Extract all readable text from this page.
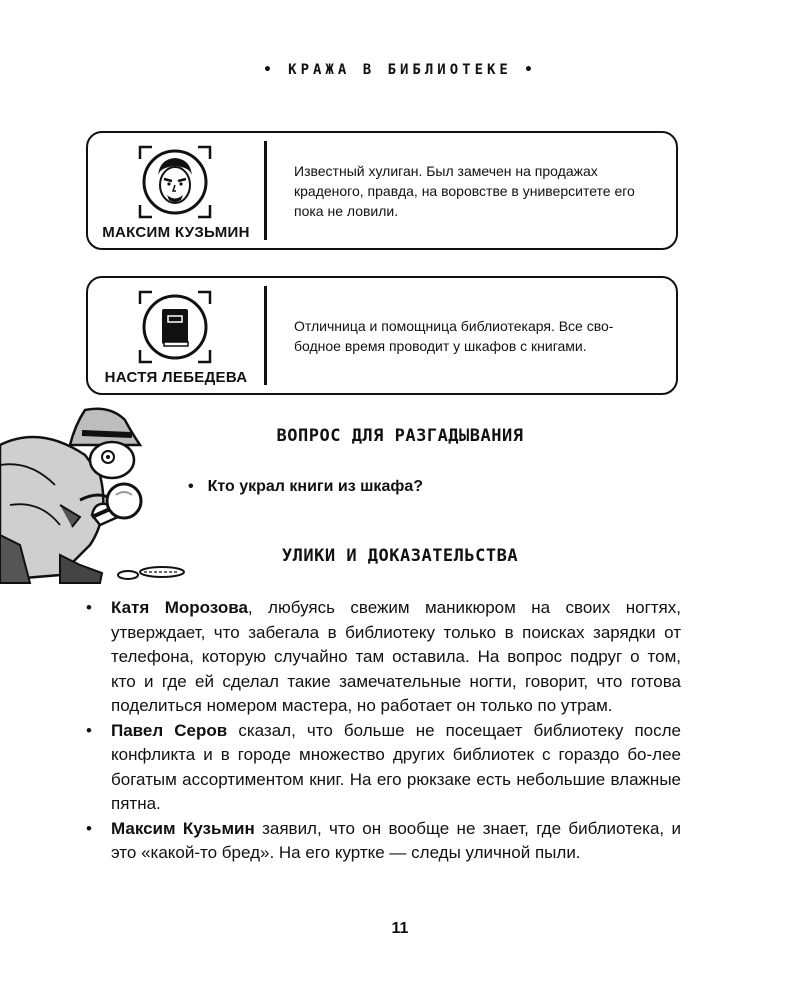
• КРАЖА В БИБЛИОТЕКЕ •
МАКСИМ КУЗЬМИН
Известный хулиган. Был замечен на продажах краденого, правда, на воровстве в университете его пока не ловили.
НАСТЯ ЛЕБЕДЕВА
Отличница и помощница библиотекаря. Все сво-бодное время проводит у шкафов с книгами.
ВОПРОС ДЛЯ РАЗГАДЫВАНИЯ
• Кто украл книги из шкафа?
УЛИКИ И ДОКАЗАТЕЛЬСТВА
• Катя Морозова, любуясь свежим маникюром на своих ногтях, утверждает, что забегала в библиотеку только в поисках зарядки от телефона, которую случайно там оставила. На вопрос подруг о том, кто и где ей сделал такие замечательные ногти, говорит, что готова поделиться номером мастера, но работает он только по утрам.
• Павел Серов сказал, что больше не посещает библиотеку после конфликта и в городе множество других библиотек с гораздо бо-лее богатым ассортиментом книг. На его рюкзаке есть небольшие влажные пятна.
• Максим Кузьмин заявил, что он вообще не знает, где библиотека, и это «какой-то бред». На его куртке — следы уличной пыли.
11
